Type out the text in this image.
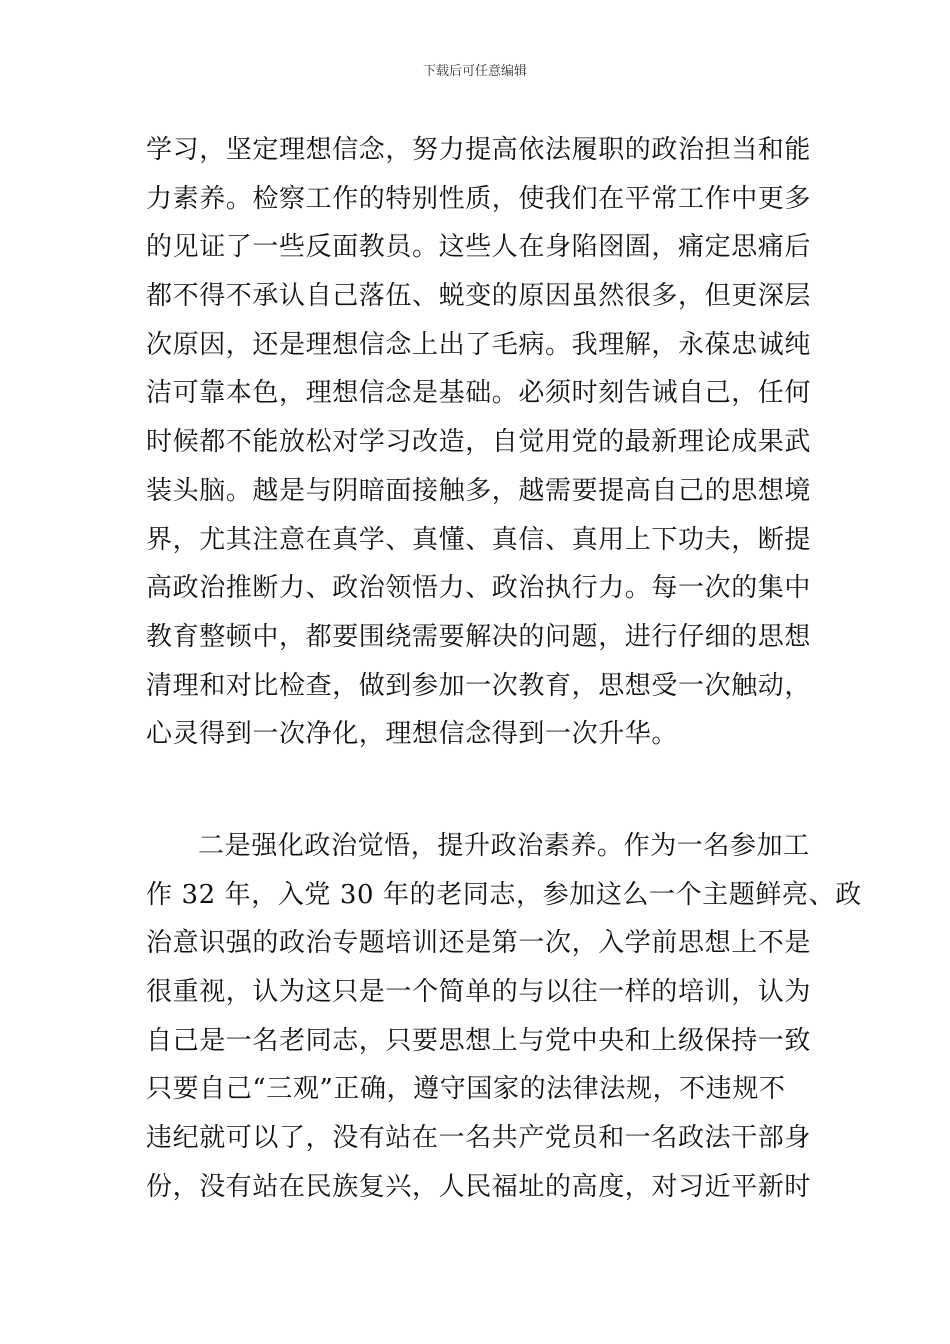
下载后可任意编辑
学习，坚定理想信念，努力提高依法履职的政治担当和能
力素养。检察工作的特别性质，使我们在平常工作中更多
的见证了一些反面教员。这些人在身陷囹圄，痛定思痛后
都不得不承认自己落伍、蜕变的原因虽然很多，但更深层
次原因，还是理想信念上出了毛病。我理解，永葆忠诚纯
洁可靠本色，理想信念是基础。必须时刻告诫自己，任何
时候都不能放松对学习改造，自觉用党的最新理论成果武
装头脑。越是与阴暗面接触多，越需要提高自己的思想境
界，尤其注意在真学、真懂、真信、真用上下功夫，断提
高政治推断力、政治领悟力、政治执行力。每一次的集中
教育整顿中，都要围绕需要解决的问题，进行仔细的思想
清理和对比检查，做到参加一次教育，思想受一次触动，
心灵得到一次净化，理想信念得到一次升华。
二是强化政治觉悟，提升政治素养。作为一名参加工
作 32 年，入党 30 年的老同志，参加这么一个主题鲜亮、政
治意识强的政治专题培训还是第一次，入学前思想上不是
很重视，认为这只是一个简单的与以往一样的培训，认为
自己是一名老同志，只要思想上与党中央和上级保持一致
只要自己“三观”正确，遵守国家的法律法规，不违规不
违纪就可以了，没有站在一名共产党员和一名政法干部身
份，没有站在民族复兴，人民福址的高度，对习近平新时
